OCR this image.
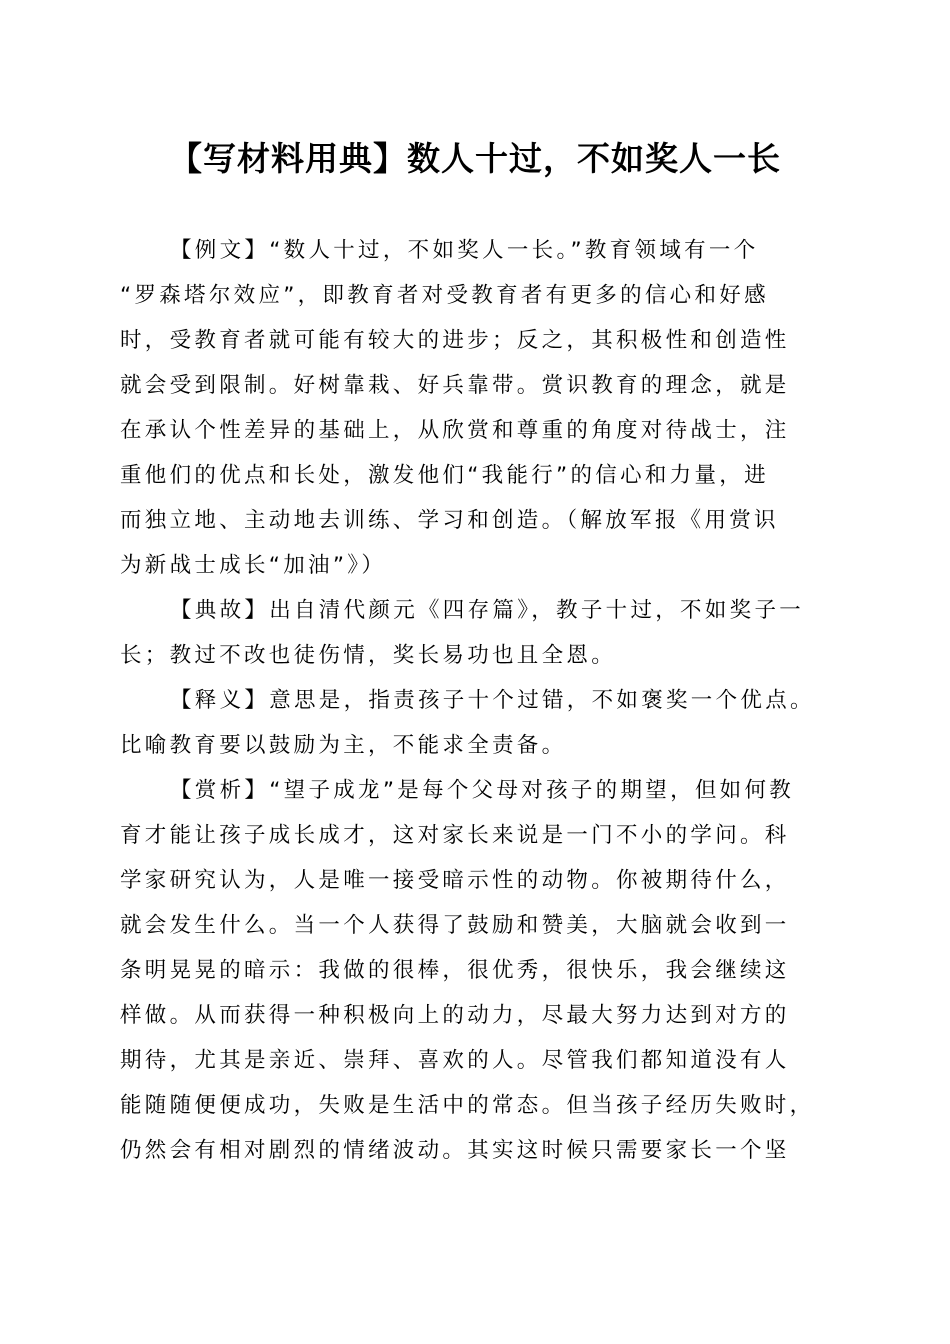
【写材料用典】数人十过，不如奖人一长
【例文】“数人十过，不如奖人一长。”教育领域有一个
“罗森塔尔效应”，即教育者对受教育者有更多的信心和好感
时，受教育者就可能有较大的进步；反之，其积极性和创造性
就会受到限制。好树靠栽、好兵靠带。赏识教育的理念，就是
在承认个性差异的基础上，从欣赏和尊重的角度对待战士，注
重他们的优点和长处，激发他们“我能行”的信心和力量，进
而独立地、主动地去训练、学习和创造。（解放军报《用赏识
为新战士成长“加油”》）
【典故】出自清代颜元《四存篇》，教子十过，不如奖子一
长；教过不改也徒伤情，奖长易功也且全恩。
【释义】意思是，指责孩子十个过错，不如褒奖一个优点。
比喻教育要以鼓励为主，不能求全责备。
【赏析】“望子成龙”是每个父母对孩子的期望，但如何教
育才能让孩子成长成才，这对家长来说是一门不小的学问。科
学家研究认为，人是唯一接受暗示性的动物。你被期待什么，
就会发生什么。当一个人获得了鼓励和赞美，大脑就会收到一
条明晃晃的暗示：我做的很棒，很优秀，很快乐，我会继续这
样做。从而获得一种积极向上的动力，尽最大努力达到对方的
期待，尤其是亲近、崇拜、喜欢的人。尽管我们都知道没有人
能随随便便成功，失败是生活中的常态。但当孩子经历失败时，
仍然会有相对剧烈的情绪波动。其实这时候只需要家长一个坚
